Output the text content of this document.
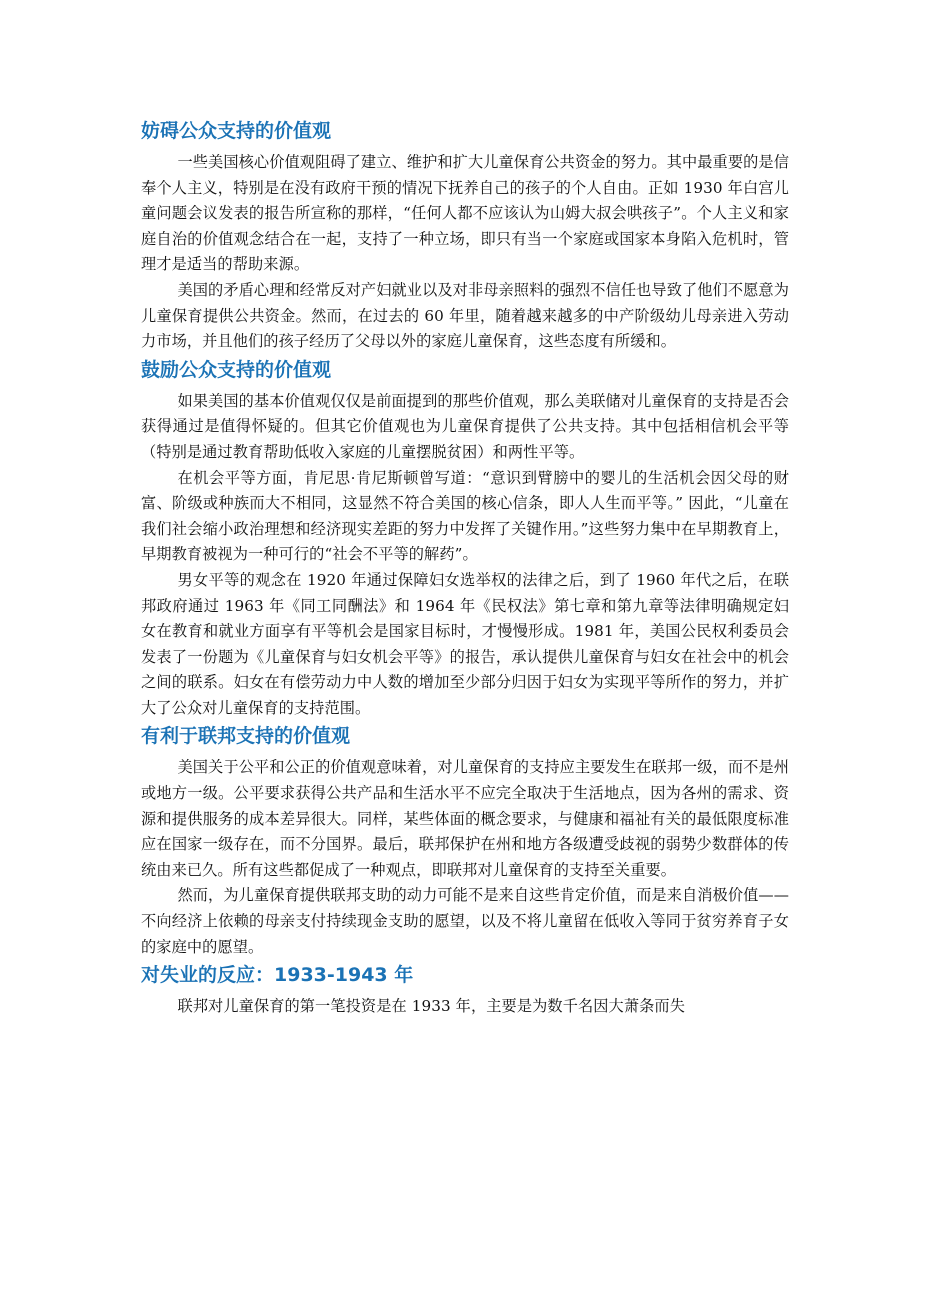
妨碍公众支持的价值观

一些美国核心价值观阻碍了建立、维护和扩大儿童保育公共资金的努力。其中最重要的是信奉个人主义，特别是在没有政府干预的情况下抚养自己的孩子的个人自由。正如 1930 年白宫儿童问题会议发表的报告所宣称的那样，“任何人都不应该认为山姆大叔会哄孩子”。个人主义和家庭自治的价值观念结合在一起，支持了一种立场，即只有当一个家庭或国家本身陷入危机时，管理才是适当的帮助来源。

美国的矛盾心理和经常反对产妇就业以及对非母亲照料的强烈不信任也导致了他们不愿意为儿童保育提供公共资金。然而，在过去的 60 年里，随着越来越多的中产阶级幼儿母亲进入劳动力市场，并且他们的孩子经历了父母以外的家庭儿童保育，这些态度有所缓和。

鼓励公众支持的价值观

如果美国的基本价值观仅仅是前面提到的那些价值观，那么美联储对儿童保育的支持是否会获得通过是值得怀疑的。但其它价值观也为儿童保育提供了公共支持。其中包括相信机会平等（特别是通过教育帮助低收入家庭的儿童摆脱贫困）和两性平等。

在机会平等方面，肯尼思·肯尼斯顿曾写道：“意识到臂膀中的婴儿的生活机会因父母的财富、阶级或种族而大不相同，这显然不符合美国的核心信条，即人人生而平等。” 因此，“儿童在我们社会缩小政治理想和经济现实差距的努力中发挥了关键作用。”这些努力集中在早期教育上，早期教育被视为一种可行的“社会不平等的解药”。

男女平等的观念在 1920 年通过保障妇女选举权的法律之后，到了 1960 年代之后，在联邦政府通过 1963 年《同工同酬法》和 1964 年《民权法》第七章和第九章等法律明确规定妇女在教育和就业方面享有平等机会是国家目标时，才慢慢形成。1981 年，美国公民权利委员会发表了一份题为《儿童保育与妇女机会平等》的报告，承认提供儿童保育与妇女在社会中的机会之间的联系。妇女在有偿劳动力中人数的增加至少部分归因于妇女为实现平等所作的努力，并扩大了公众对儿童保育的支持范围。

有利于联邦支持的价值观

美国关于公平和公正的价值观意味着，对儿童保育的支持应主要发生在联邦一级，而不是州或地方一级。公平要求获得公共产品和生活水平不应完全取决于生活地点，因为各州的需求、资源和提供服务的成本差异很大。同样，某些体面的概念要求，与健康和福祉有关的最低限度标准应在国家一级存在，而不分国界。最后，联邦保护在州和地方各级遭受歧视的弱势少数群体的传统由来已久。所有这些都促成了一种观点，即联邦对儿童保育的支持至关重要。

然而，为儿童保育提供联邦支助的动力可能不是来自这些肯定价值，而是来自消极价值——不向经济上依赖的母亲支付持续现金支助的愿望，以及不将儿童留在低收入等同于贫穷养育子女的家庭中的愿望。

对失业的反应：1933-1943 年

联邦对儿童保育的第一笔投资是在 1933 年，主要是为数千名因大萧条而失
